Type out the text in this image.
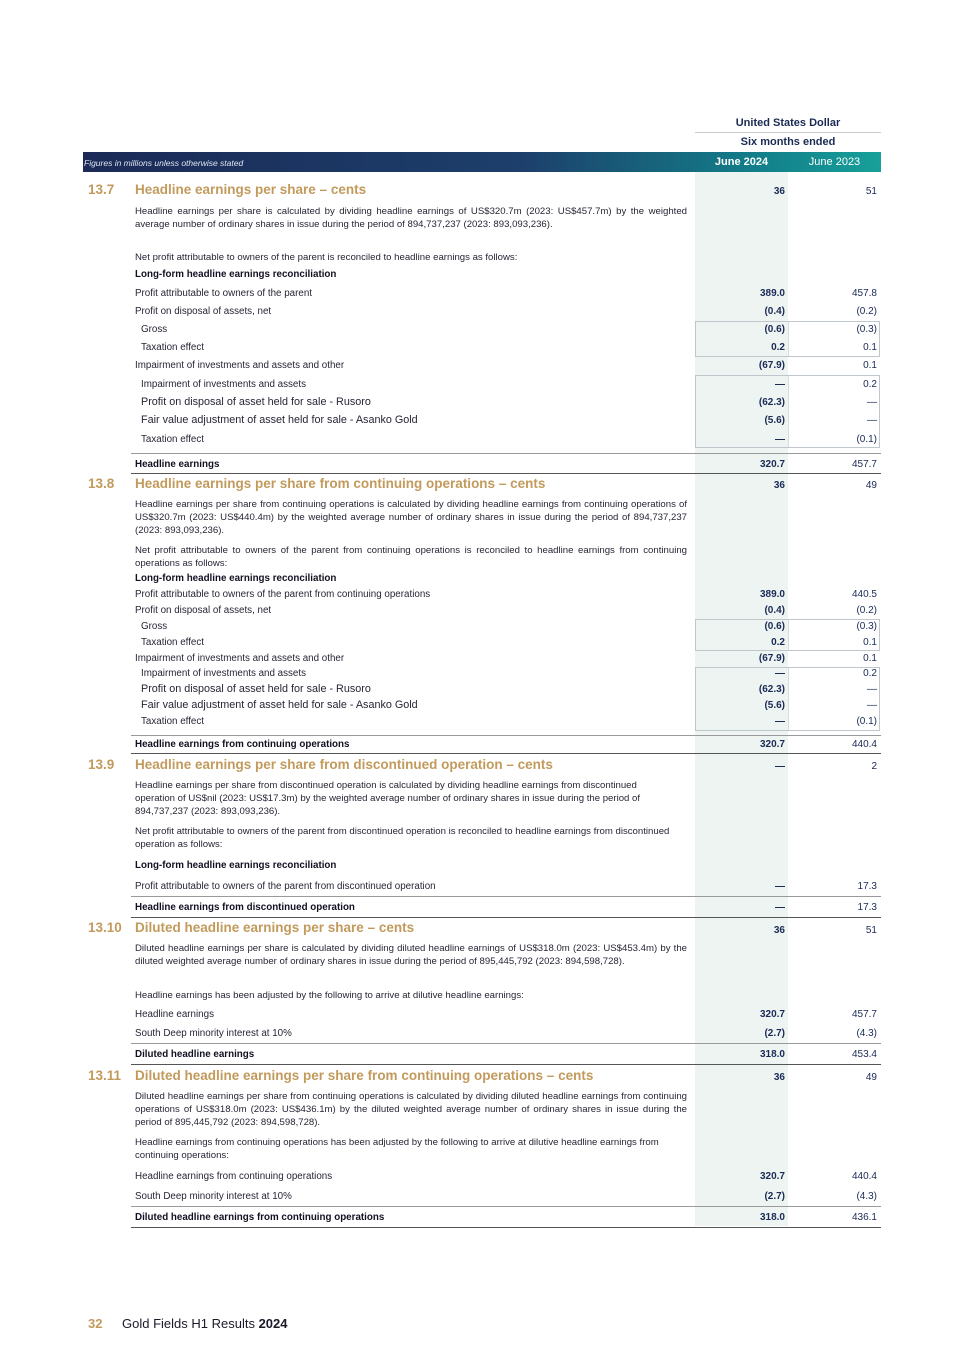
United States Dollar
Six months ended
Figures in millions unless otherwise stated	June 2024	June 2023
13.7 Headline earnings per share – cents	36	51
Headline earnings per share is calculated by dividing headline earnings of US$320.7m (2023: US$457.7m) by the weighted average number of ordinary shares in issue during the period of 894,737,237 (2023: 893,093,236).
Net profit attributable to owners of the parent is reconciled to headline earnings as follows:
Long-form headline earnings reconciliation
Profit attributable to owners of the parent	389.0	457.8
Profit on disposal of assets, net	(0.4)	(0.2)
Gross	(0.6)	(0.3)
Taxation effect	0.2	0.1
Impairment of investments and assets and other	(67.9)	0.1
Impairment of investments and assets	—	0.2
Profit on disposal of asset held for sale - Rusoro	(62.3)	—
Fair value adjustment of asset held for sale - Asanko Gold	(5.6)	—
Taxation effect	—	(0.1)
Headline earnings	320.7	457.7
13.8 Headline earnings per share from continuing operations – cents	36	49
Headline earnings per share from continuing operations is calculated by dividing headline earnings from continuing operations of US$320.7m (2023: US$440.4m) by the weighted average number of ordinary shares in issue during the period of 894,737,237 (2023: 893,093,236).
Net profit attributable to owners of the parent from continuing operations is reconciled to headline earnings from continuing operations as follows:
Long-form headline earnings reconciliation
Profit attributable to owners of the parent from continuing operations	389.0	440.5
Profit on disposal of assets, net	(0.4)	(0.2)
Gross	(0.6)	(0.3)
Taxation effect	0.2	0.1
Impairment of investments and assets and other	(67.9)	0.1
Impairment of investments and assets	—	0.2
Profit on disposal of asset held for sale - Rusoro	(62.3)	—
Fair value adjustment of asset held for sale - Asanko Gold	(5.6)	—
Taxation effect	—	(0.1)
Headline earnings from continuing operations	320.7	440.4
13.9 Headline earnings per share from discontinued operation – cents	—	2
Headline earnings per share from discontinued operation is calculated by dividing headline earnings from discontinued operation of US$nil (2023: US$17.3m) by the weighted average number of ordinary shares in issue during the period of 894,737,237 (2023: 893,093,236).
Net profit attributable to owners of the parent from discontinued operation is reconciled to headline earnings from discontinued operation as follows:
Long-form headline earnings reconciliation
Profit attributable to owners of the parent from discontinued operation	—	17.3
Headline earnings from discontinued operation	—	17.3
13.10 Diluted headline earnings per share – cents	36	51
Diluted headline earnings per share is calculated by dividing diluted headline earnings of US$318.0m (2023: US$453.4m) by the diluted weighted average number of ordinary shares in issue during the period of 895,445,792 (2023: 894,598,728).
Headline earnings has been adjusted by the following to arrive at dilutive headline earnings:
Headline earnings	320.7	457.7
South Deep minority interest at 10%	(2.7)	(4.3)
Diluted headline earnings	318.0	453.4
13.11 Diluted headline earnings per share from continuing operations – cents	36	49
Diluted headline earnings per share from continuing operations is calculated by dividing diluted headline earnings from continuing operations of US$318.0m (2023: US$436.1m) by the diluted weighted average number of ordinary shares in issue during the period of 895,445,792 (2023: 894,598,728).
Headline earnings from continuing operations has been adjusted by the following to arrive at dilutive headline earnings from continuing operations:
Headline earnings from continuing operations	320.7	440.4
South Deep minority interest at 10%	(2.7)	(4.3)
Diluted headline earnings from continuing operations	318.0	436.1
32 Gold Fields H1 Results 2024
